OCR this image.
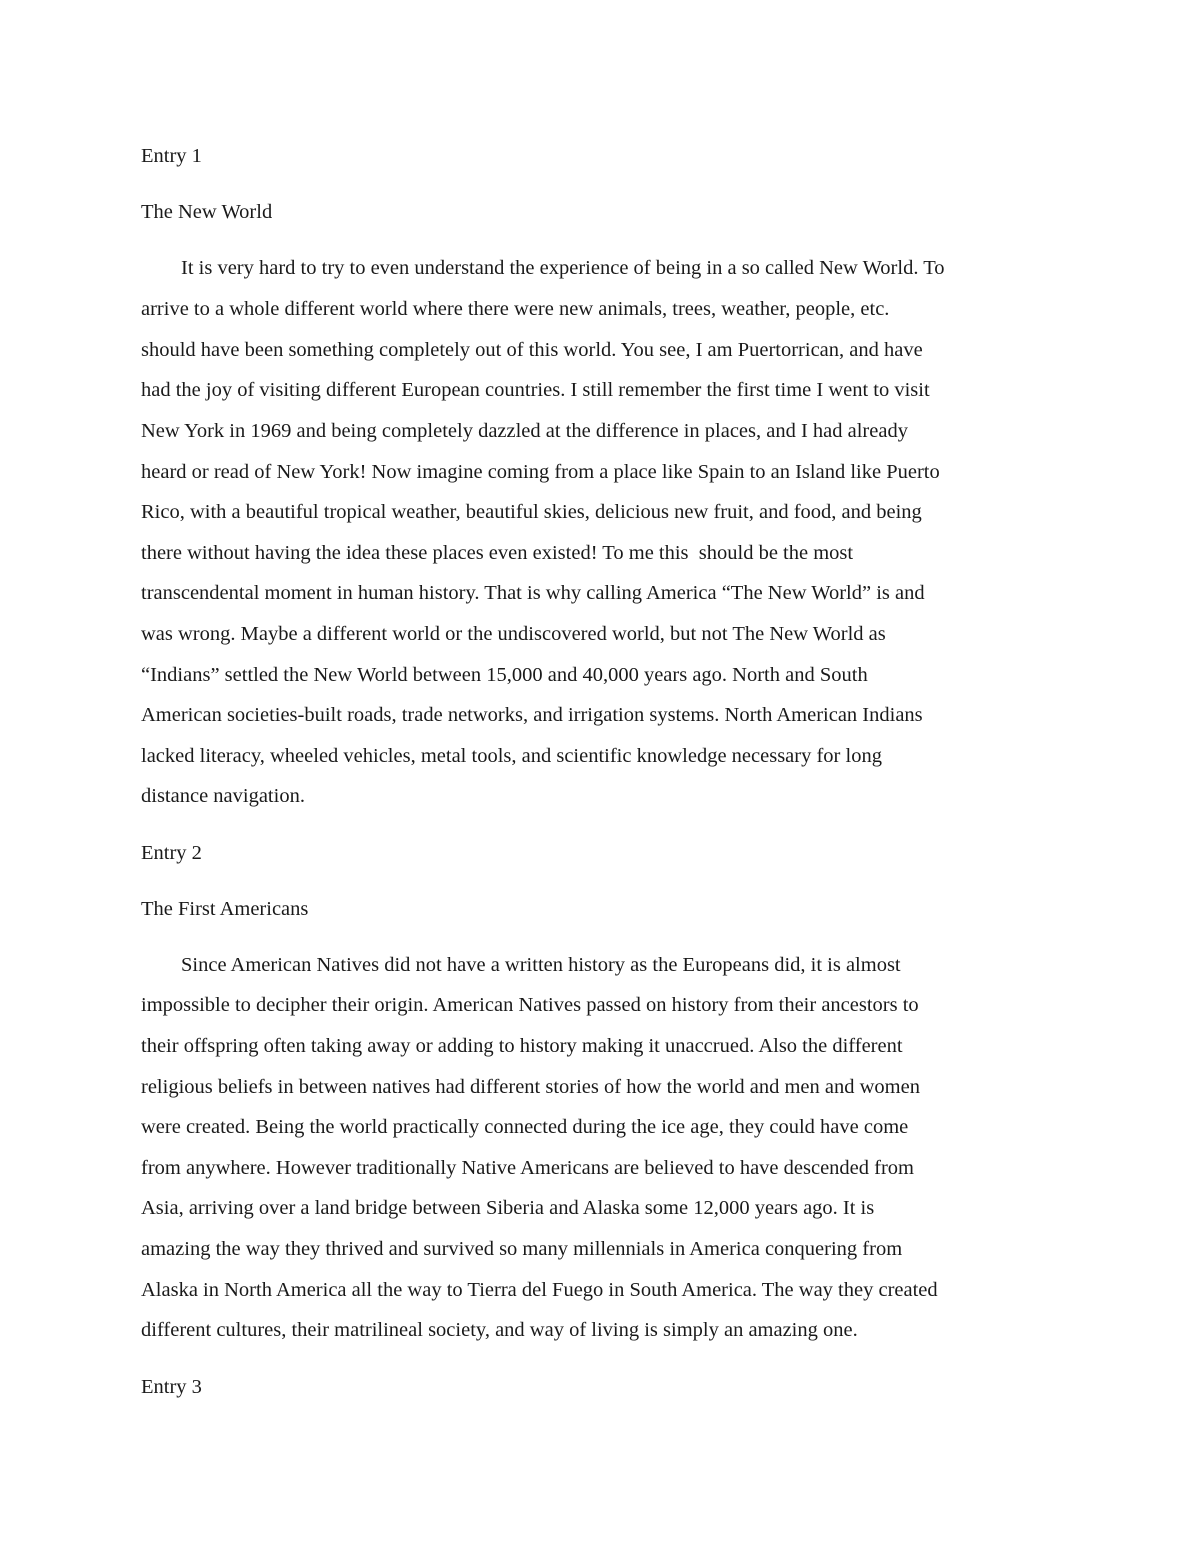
Entry 1
The New World
It is very hard to try to even understand the experience of being in a so called New World. To
arrive to a whole different world where there were new animals, trees, weather, people, etc.
should have been something completely out of this world. You see, I am Puertorrican, and have
had the joy of visiting different European countries. I still remember the first time I went to visit
New York in 1969 and being completely dazzled at the difference in places, and I had already
heard or read of New York! Now imagine coming from a place like Spain to an Island like Puerto
Rico, with a beautiful tropical weather, beautiful skies, delicious new fruit, and food, and being
there without having the idea these places even existed! To me this  should be the most
transcendental moment in human history. That is why calling America “The New World” is and
was wrong. Maybe a different world or the undiscovered world, but not The New World as
“Indians” settled the New World between 15,000 and 40,000 years ago. North and South
American societies-built roads, trade networks, and irrigation systems. North American Indians
lacked literacy, wheeled vehicles, metal tools, and scientific knowledge necessary for long
distance navigation.
Entry 2
The First Americans
Since American Natives did not have a written history as the Europeans did, it is almost
impossible to decipher their origin. American Natives passed on history from their ancestors to
their offspring often taking away or adding to history making it unaccrued. Also the different
religious beliefs in between natives had different stories of how the world and men and women
were created. Being the world practically connected during the ice age, they could have come
from anywhere. However traditionally Native Americans are believed to have descended from
Asia, arriving over a land bridge between Siberia and Alaska some 12,000 years ago. It is
amazing the way they thrived and survived so many millennials in America conquering from
Alaska in North America all the way to Tierra del Fuego in South America. The way they created
different cultures, their matrilineal society, and way of living is simply an amazing one.
Entry 3
